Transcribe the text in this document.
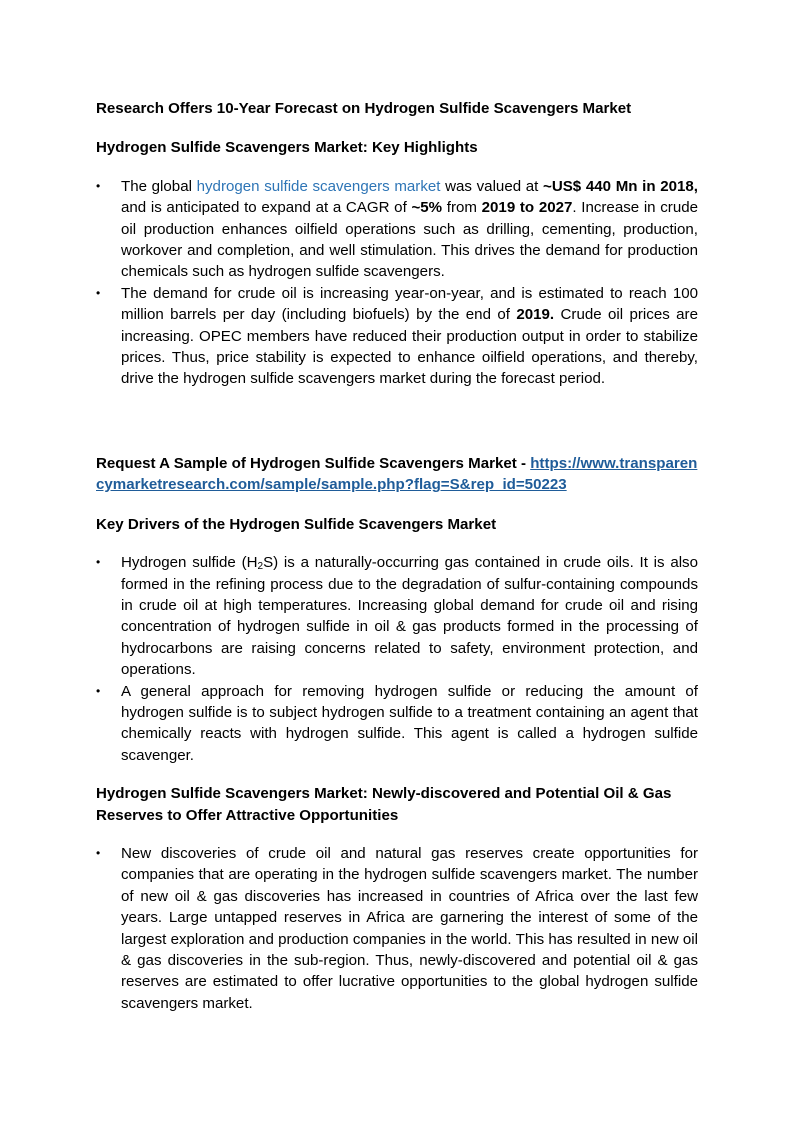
Research Offers 10-Year Forecast on Hydrogen Sulfide Scavengers Market

Hydrogen Sulfide Scavengers Market: Key Highlights

• The global hydrogen sulfide scavengers market was valued at ~US$ 440 Mn in 2018, and is anticipated to expand at a CAGR of ~5% from 2019 to 2027. Increase in crude oil production enhances oilfield operations such as drilling, cementing, production, workover and completion, and well stimulation. This drives the demand for production chemicals such as hydrogen sulfide scavengers.
• The demand for crude oil is increasing year-on-year, and is estimated to reach 100 million barrels per day (including biofuels) by the end of 2019. Crude oil prices are increasing. OPEC members have reduced their production output in order to stabilize prices. Thus, price stability is expected to enhance oilfield operations, and thereby, drive the hydrogen sulfide scavengers market during the forecast period.

Request A Sample of Hydrogen Sulfide Scavengers Market - https://www.transparencymarketresearch.com/sample/sample.php?flag=S&rep_id=50223

Key Drivers of the Hydrogen Sulfide Scavengers Market

• Hydrogen sulfide $(H_2S)$ is a naturally-occurring gas contained in crude oils. It is also formed in the refining process due to the degradation of sulfur-containing compounds in crude oil at high temperatures. Increasing global demand for crude oil and rising concentration of hydrogen sulfide in oil & gas products formed in the processing of hydrocarbons are raising concerns related to safety, environment protection, and operations.
• A general approach for removing hydrogen sulfide or reducing the amount of hydrogen sulfide is to subject hydrogen sulfide to a treatment containing an agent that chemically reacts with hydrogen sulfide. This agent is called a hydrogen sulfide scavenger.

Hydrogen Sulfide Scavengers Market: Newly-discovered and Potential Oil & Gas Reserves to Offer Attractive Opportunities

• New discoveries of crude oil and natural gas reserves create opportunities for companies that are operating in the hydrogen sulfide scavengers market. The number of new oil & gas discoveries has increased in countries of Africa over the last few years. Large untapped reserves in Africa are garnering the interest of some of the largest exploration and production companies in the world. This has resulted in new oil & gas discoveries in the sub-region. Thus, newly-discovered and potential oil & gas reserves are estimated to offer lucrative opportunities to the global hydrogen sulfide scavengers market.
